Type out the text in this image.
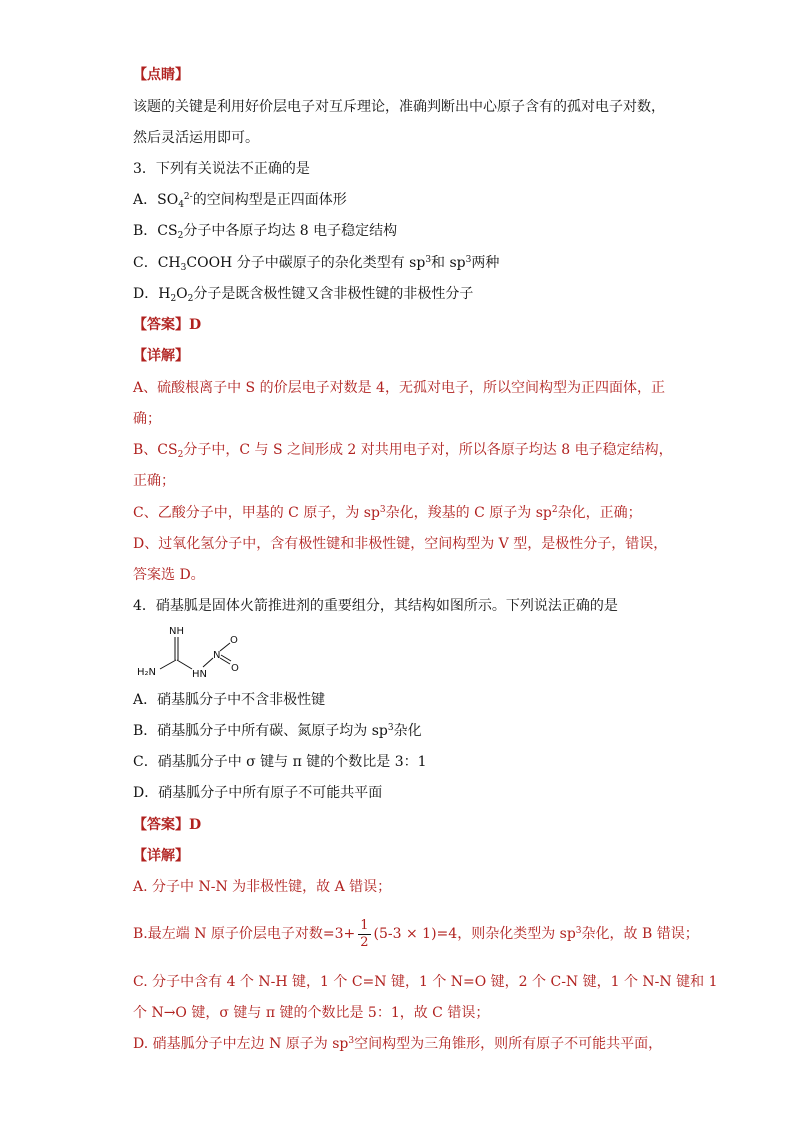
【点睛】
该题的关键是利用好价层电子对互斥理论，准确判断出中心原子含有的孤对电子对数，
然后灵活运用即可。
3．下列有关说法不正确的是
A．$SO_4^{2-}$的空间构型是正四面体形
B．$CS_2$分子中各原子均达 8 电子稳定结构
C．$CH_3COOH$ 分子中碳原子的杂化类型有 $sp^3$和 $sp^3$两种
D．$H_2O_2$分子是既含极性键又含非极性键的非极性分子
【答案】D
【详解】
A、硫酸根离子中 S 的价层电子对数是 4，无孤对电子，所以空间构型为正四面体，正
确；
B、$CS_2$分子中，C 与 S 之间形成 2 对共用电子对，所以各原子均达 8 电子稳定结构，
正确；
C、乙酸分子中，甲基的 C 原子，为 $sp^3$杂化，羧基的 C 原子为 $sp^2$杂化，正确；
D、过氧化氢分子中，含有极性键和非极性键，空间构型为 V 型，是极性分子，错误，
答案选 D。
4．硝基胍是固体火箭推进剂的重要组分，其结构如图所示。下列说法正确的是
NH
H₂N	HN
N
O
O
A．硝基胍分子中不含非极性键
B．硝基胍分子中所有碳、氮原子均为 $sp^3$杂化
C．硝基胍分子中 σ 键与 π 键的个数比是 3：1
D．硝基胍分子中所有原子不可能共平面
【答案】D
【详解】
A. 分子中 N-N 为非极性键，故 A 错误；
B.最左端 N 原子价层电子对数$=3+ \frac{1}{2} (5-3 \times 1)=4$，则杂化类型为 $sp^3$杂化，故 B 错误；
C. 分子中含有 4 个 N-H 键，1 个 C=N 键，1 个 N=O 键，2 个 C-N 键，1 个 N-N 键和 1
个 N→O 键，σ 键与 π 键的个数比是 5：1，故 C 错误；
D. 硝基胍分子中左边 N 原子为 $sp^3$空间构型为三角锥形，则所有原子不可能共平面，
